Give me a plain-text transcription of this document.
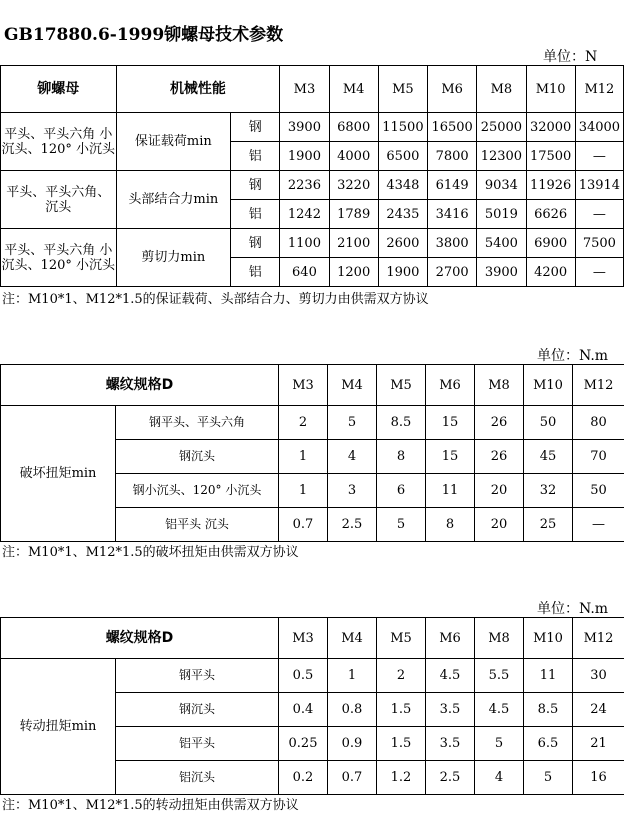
GB17880.6-1999铆螺母技术参数
单位：N
铆螺母	机械性能		M3	M4	M5	M6	M8	M10	M12
平头、平头六角 小沉头、120° 小沉头	保证载荷min	钢	3900	6800	11500	16500	25000	32000	34000
		铝	1900	4000	6500	7800	12300	17500	—
平头、平头六角、沉头	头部结合力min	钢	2236	3220	4348	6149	9034	11926	13914
		铝	1242	1789	2435	3416	5019	6626	—
平头、平头六角 小沉头、120° 小沉头	剪切力min	钢	1100	2100	2600	3800	5400	6900	7500
		铝	640	1200	1900	2700	3900	4200	—
注：M10*1、M12*1.5的保证载荷、头部结合力、剪切力由供需双方协议
单位：N.m
螺纹规格D		M3	M4	M5	M6	M8	M10	M12
破坏扭矩min	钢平头、平头六角	2	5	8.5	15	26	50	80
	钢沉头	1	4	8	15	26	45	70
	钢小沉头、120° 小沉头	1	3	6	11	20	32	50
	铝平头 沉头	0.7	2.5	5	8	20	25	—
注：M10*1、M12*1.5的破坏扭矩由供需双方协议
单位：N.m
螺纹规格D		M3	M4	M5	M6	M8	M10	M12
转动扭矩min	钢平头	0.5	1	2	4.5	5.5	11	30
	钢沉头	0.4	0.8	1.5	3.5	4.5	8.5	24
	铝平头	0.25	0.9	1.5	3.5	5	6.5	21
	铝沉头	0.2	0.7	1.2	2.5	4	5	16
注：M10*1、M12*1.5的转动扭矩由供需双方协议
